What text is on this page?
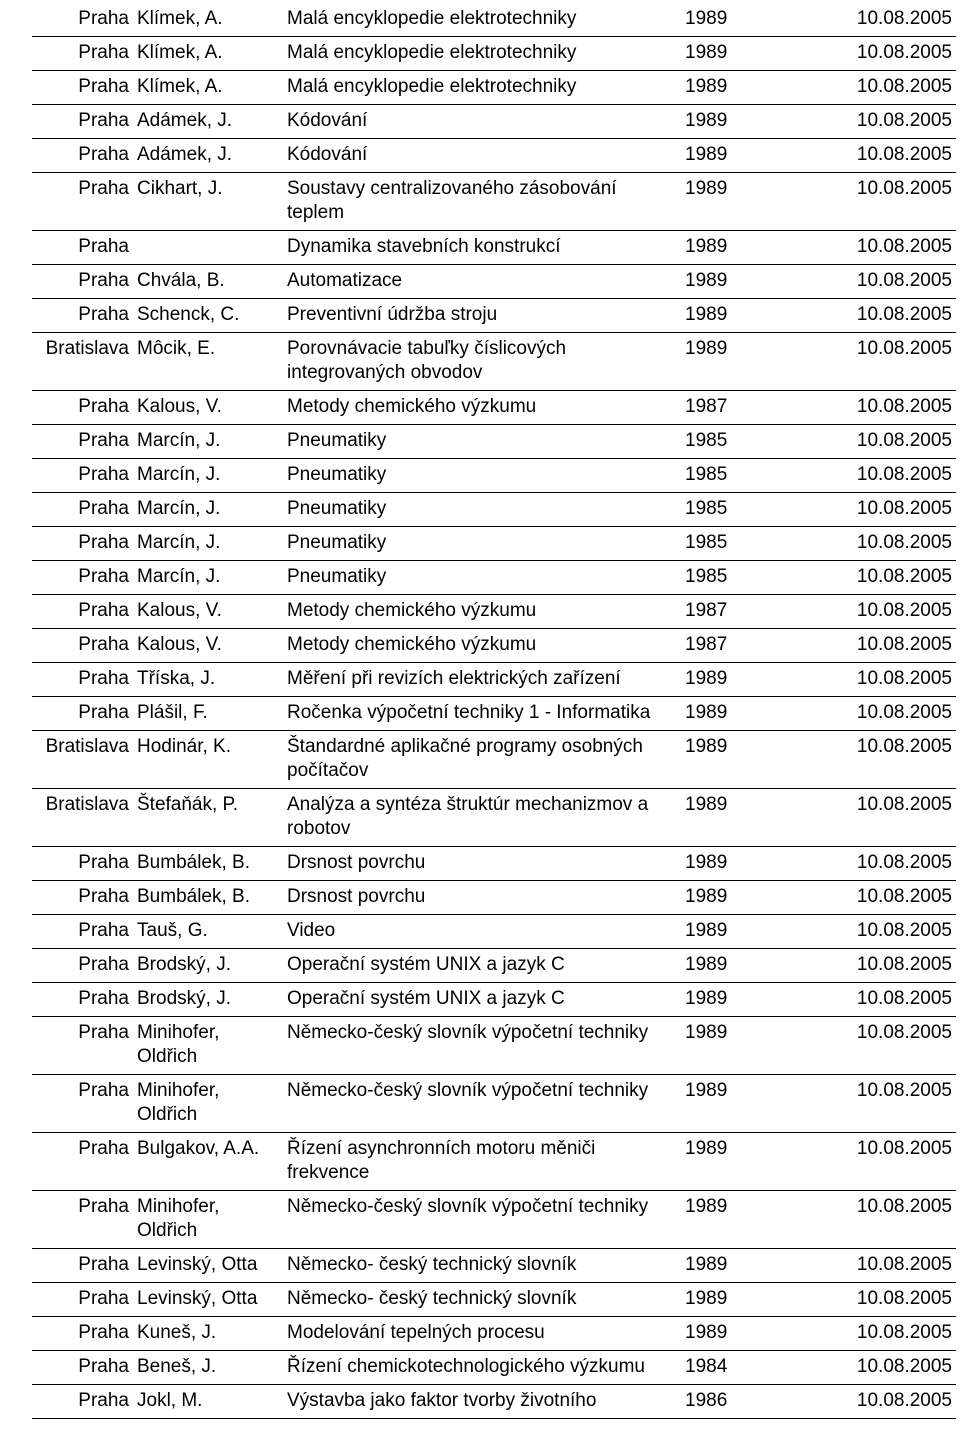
Praha	Klímek, A.	Malá encyklopedie elektrotechniky	1989	10.08.2005
Praha	Klímek, A.	Malá encyklopedie elektrotechniky	1989	10.08.2005
Praha	Klímek, A.	Malá encyklopedie elektrotechniky	1989	10.08.2005
Praha	Adámek, J.	Kódování	1989	10.08.2005
Praha	Adámek, J.	Kódování	1989	10.08.2005
Praha	Cikhart, J.	Soustavy centralizovaného zásobování teplem	1989	10.08.2005
Praha		Dynamika stavebních konstrukcí	1989	10.08.2005
Praha	Chvála, B.	Automatizace	1989	10.08.2005
Praha	Schenck, C.	Preventivní údržba stroju	1989	10.08.2005
Bratislava	Môcik, E.	Porovnávacie tabuľky číslicových integrovaných obvodov	1989	10.08.2005
Praha	Kalous, V.	Metody chemického výzkumu	1987	10.08.2005
Praha	Marcín, J.	Pneumatiky	1985	10.08.2005
Praha	Marcín, J.	Pneumatiky	1985	10.08.2005
Praha	Marcín, J.	Pneumatiky	1985	10.08.2005
Praha	Marcín, J.	Pneumatiky	1985	10.08.2005
Praha	Marcín, J.	Pneumatiky	1985	10.08.2005
Praha	Kalous, V.	Metody chemického výzkumu	1987	10.08.2005
Praha	Kalous, V.	Metody chemického výzkumu	1987	10.08.2005
Praha	Tříska, J.	Měření při revizích elektrických zařízení	1989	10.08.2005
Praha	Plášil, F.	Ročenka výpočetní techniky 1 - Informatika	1989	10.08.2005
Bratislava	Hodinár, K.	Štandardné aplikačné programy osobných počítačov	1989	10.08.2005
Bratislava	Štefaňák, P.	Analýza a syntéza štruktúr mechanizmov a robotov	1989	10.08.2005
Praha	Bumbálek, B.	Drsnost povrchu	1989	10.08.2005
Praha	Bumbálek, B.	Drsnost povrchu	1989	10.08.2005
Praha	Tauš, G.	Video	1989	10.08.2005
Praha	Brodský, J.	Operační systém UNIX a jazyk C	1989	10.08.2005
Praha	Brodský, J.	Operační systém UNIX a jazyk C	1989	10.08.2005
Praha	Minihofer, Oldřich	Německo-český slovník výpočetní techniky	1989	10.08.2005
Praha	Minihofer, Oldřich	Německo-český slovník výpočetní techniky	1989	10.08.2005
Praha	Bulgakov, A.A.	Řízení asynchronních motoru měniči frekvence	1989	10.08.2005
Praha	Minihofer, Oldřich	Německo-český slovník výpočetní techniky	1989	10.08.2005
Praha	Levinský, Otta	Německo- český technický slovník	1989	10.08.2005
Praha	Levinský, Otta	Německo- český technický slovník	1989	10.08.2005
Praha	Kuneš, J.	Modelování tepelných procesu	1989	10.08.2005
Praha	Beneš, J.	Řízení chemickotechnologického výzkumu	1984	10.08.2005
Praha	Jokl, M.	Výstavba jako faktor tvorby životního	1986	10.08.2005
